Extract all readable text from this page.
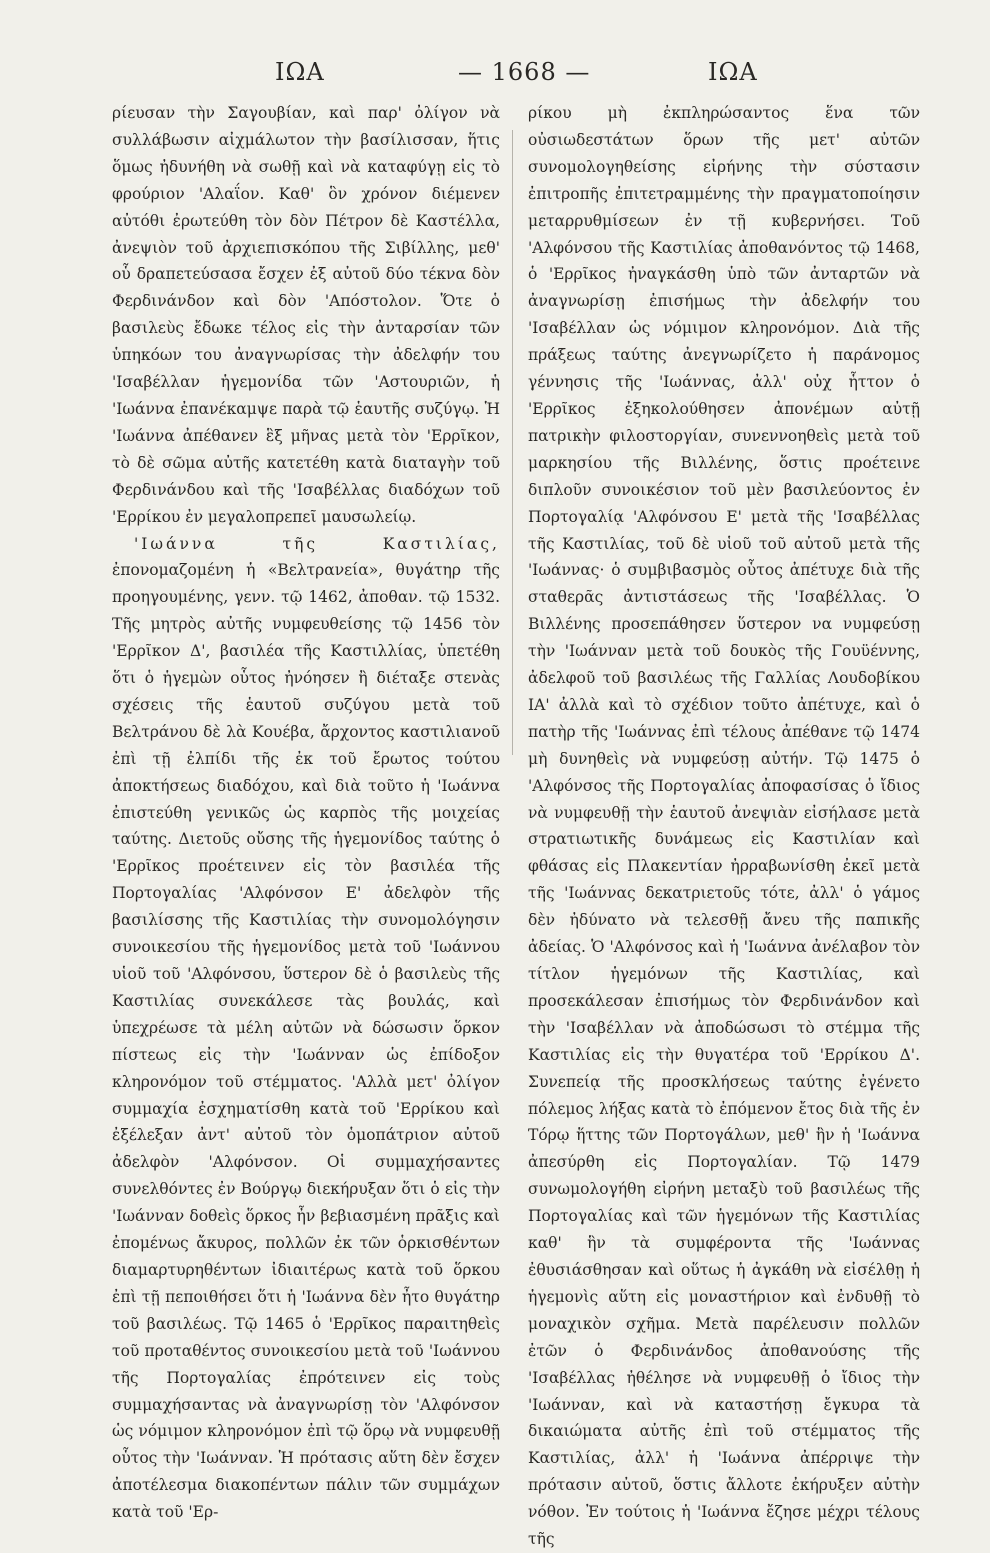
ΙΩΑ	— 1668 —	ΙΩΑ

ρίευσαν τὴν Σαγουβίαν, καὶ παρ' ὀλίγον νὰ συλλάβωσιν αἰχμάλωτον τὴν βασίλισσαν, ἥτις ὅμως ἠδυνήθη νὰ σωθῇ καὶ νὰ καταφύγῃ εἰς τὸ φρούριον 'Αλαΐον. Καθ' ὃν χρόνον διέμενεν αὐτόθι ἐρωτεύθη τὸν δὸν Πέτρον δὲ Καστέλλα, ἀνεψιὸν τοῦ ἀρχιεπισκόπου τῆς Σιβίλλης, μεθ' οὗ δραπετεύσασα ἔσχεν ἐξ αὐτοῦ δύο τέκνα δὸν Φερδινάνδον καὶ δὸν 'Απόστολον. Ὅτε ὁ βασιλεὺς ἔδωκε τέλος εἰς τὴν ἀνταρσίαν τῶν ὑπηκόων του ἀναγνωρίσας τὴν ἀδελφήν του 'Ισαβέλλαν ἡγεμονίδα τῶν 'Αστουριῶν, ἡ 'Ιωάννα ἐπανέκαμψε παρὰ τῷ ἑαυτῆς συζύγῳ. Ἡ 'Ιωάννα ἀπέθανεν ἓξ μῆνας μετὰ τὸν 'Ερρῖκον, τὸ δὲ σῶμα αὐτῆς κατετέθη κατὰ διαταγὴν τοῦ Φερδινάνδου καὶ τῆς 'Ισαβέλλας διαδόχων τοῦ 'Ερρίκου ἐν μεγαλοπρεπεῖ μαυσωλείῳ.

'Ιωάννα τῆς Καστιλίας, ἐπονομαζομένη ἡ «Βελτρανεία», θυγάτηρ τῆς προηγουμένης, γενν. τῷ 1462, ἀποθαν. τῷ 1532. Τῆς μητρὸς αὐτῆς νυμφευθείσης τῷ 1456 τὸν 'Ερρῖκον Δ', βασιλέα τῆς Καστιλλίας, ὑπετέθη ὅτι ὁ ἡγεμὼν οὗτος ἠνόησεν ἢ διέταξε στενὰς σχέσεις τῆς ἑαυτοῦ συζύγου μετὰ τοῦ Βελτράνου δὲ λὰ Κουέβα, ἄρχοντος καστιλιανοῦ ἐπὶ τῇ ἐλπίδι τῆς ἐκ τοῦ ἔρωτος τούτου ἀποκτήσεως διαδόχου, καὶ διὰ τοῦτο ἡ 'Ιωάννα ἐπιστεύθη γενικῶς ὡς καρπὸς τῆς μοιχείας ταύτης. Διετοῦς οὔσης τῆς ἡγεμονίδος ταύτης ὁ 'Ερρῖκος προέτεινεν εἰς τὸν βασιλέα τῆς Πορτογαλίας 'Αλφόνσον Ε' ἀδελφὸν τῆς βασιλίσσης τῆς Καστιλίας τὴν συνομολόγησιν συνοικεσίου τῆς ἡγεμονίδος μετὰ τοῦ 'Ιωάννου υἱοῦ τοῦ 'Αλφόνσου, ὕστερον δὲ ὁ βασιλεὺς τῆς Καστιλίας συνεκάλεσε τὰς βουλάς, καὶ ὑπεχρέωσε τὰ μέλη αὐτῶν νὰ δώσωσιν ὅρκον πίστεως εἰς τὴν 'Ιωάνναν ὡς ἐπίδοξον κληρονόμον τοῦ στέμματος. 'Αλλὰ μετ' ὀλίγον συμμαχία ἐσχηματίσθη κατὰ τοῦ 'Ερρίκου καὶ ἐξέλεξαν ἀντ' αὐτοῦ τὸν ὁμοπάτριον αὐτοῦ ἀδελφὸν 'Αλφόνσον. Οἱ συμμαχήσαντες συνελθόντες ἐν Βούργῳ διεκήρυξαν ὅτι ὁ εἰς τὴν 'Ιωάνναν δοθεὶς ὅρκος ἦν βεβιασμένη πρᾶξις καὶ ἐπομένως ἄκυρος, πολλῶν ἐκ τῶν ὁρκισθέντων διαμαρτυρηθέντων ἰδιαιτέρως κατὰ τοῦ ὅρκου ἐπὶ τῇ πεποιθήσει ὅτι ἡ 'Ιωάννα δὲν ἦτο θυγάτηρ τοῦ βασιλέως. Τῷ 1465 ὁ 'Ερρῖκος παραιτηθεὶς τοῦ προταθέντος συνοικεσίου μετὰ τοῦ 'Ιωάννου τῆς Πορτογαλίας ἐπρότεινεν εἰς τοὺς συμμαχήσαντας νὰ ἀναγνωρίσῃ τὸν 'Αλφόνσον ὡς νόμιμον κληρονόμον ἐπὶ τῷ ὅρῳ νὰ νυμφευθῇ οὗτος τὴν 'Ιωάνναν. Ἡ πρότασις αὕτη δὲν ἔσχεν ἀποτέλεσμα διακοπέντων πάλιν τῶν συμμάχων κατὰ τοῦ 'Ερ-

ρίκου μὴ ἐκπληρώσαντος ἕνα τῶν οὐσιωδεστάτων ὅρων τῆς μετ' αὐτῶν συνομολογηθείσης εἰρήνης τὴν σύστασιν ἐπιτροπῆς ἐπιτετραμμένης τὴν πραγματοποίησιν μεταρρυθμίσεων ἐν τῇ κυβερνήσει. Τοῦ 'Αλφόνσου τῆς Καστιλίας ἀποθανόντος τῷ 1468, ὁ 'Ερρῖκος ἠναγκάσθη ὑπὸ τῶν ἀνταρτῶν νὰ ἀναγνωρίσῃ ἐπισήμως τὴν ἀδελφήν του 'Ισαβέλλαν ὡς νόμιμον κληρονόμον. Διὰ τῆς πράξεως ταύτης ἀνεγνωρίζετο ἡ παράνομος γέννησις τῆς 'Ιωάννας, ἀλλ' οὐχ ἧττον ὁ 'Ερρῖκος ἐξηκολούθησεν ἀπονέμων αὐτῇ πατρικὴν φιλοστοργίαν, συνεννοηθεὶς μετὰ τοῦ μαρκησίου τῆς Βιλλένης, ὅστις προέτεινε διπλοῦν συνοικέσιον τοῦ μὲν βασιλεύοντος ἐν Πορτογαλίᾳ 'Αλφόνσου Ε' μετὰ τῆς 'Ισαβέλλας τῆς Καστιλίας, τοῦ δὲ υἱοῦ τοῦ αὐτοῦ μετὰ τῆς 'Ιωάννας· ὁ συμβιβασμὸς οὗτος ἀπέτυχε διὰ τῆς σταθερᾶς ἀντιστάσεως τῆς 'Ισαβέλλας. Ὁ Βιλλένης προσεπάθησεν ὕστερον να νυμφεύσῃ τὴν 'Ιωάνναν μετὰ τοῦ δουκὸς τῆς Γουϋέννης, ἀδελφοῦ τοῦ βασιλέως τῆς Γαλλίας Λουδοβίκου ΙΑ' ἀλλὰ καὶ τὸ σχέδιον τοῦτο ἀπέτυχε, καὶ ὁ πατὴρ τῆς 'Ιωάννας ἐπὶ τέλους ἀπέθανε τῷ 1474 μὴ δυνηθεὶς νὰ νυμφεύσῃ αὐτήν. Τῷ 1475 ὁ 'Αλφόνσος τῆς Πορτογαλίας ἀποφασίσας ὁ ἴδιος νὰ νυμφευθῇ τὴν ἑαυτοῦ ἀνεψιὰν εἰσήλασε μετὰ στρατιωτικῆς δυνάμεως εἰς Καστιλίαν καὶ φθάσας εἰς Πλακεντίαν ἠρραβωνίσθη ἐκεῖ μετὰ τῆς 'Ιωάννας δεκατριετοῦς τότε, ἀλλ' ὁ γάμος δὲν ἠδύνατο νὰ τελεσθῇ ἄνευ τῆς παπικῆς ἀδείας. Ὁ 'Αλφόνσος καὶ ἡ 'Ιωάννα ἀνέλαβον τὸν τίτλον ἡγεμόνων τῆς Καστιλίας, καὶ προσεκάλεσαν ἐπισήμως τὸν Φερδινάνδον καὶ τὴν 'Ισαβέλλαν νὰ ἀποδώσωσι τὸ στέμμα τῆς Καστιλίας εἰς τὴν θυγατέρα τοῦ 'Ερρίκου Δ'. Συνεπείᾳ τῆς προσκλήσεως ταύτης ἐγένετο πόλεμος λήξας κατὰ τὸ ἐπόμενον ἔτος διὰ τῆς ἐν Τόρῳ ἥττης τῶν Πορτογάλων, μεθ' ἣν ἡ 'Ιωάννα ἀπεσύρθη εἰς Πορτογαλίαν. Τῷ 1479 συνωμολογήθη εἰρήνη μεταξὺ τοῦ βασιλέως τῆς Πορτογαλίας καὶ τῶν ἡγεμόνων τῆς Καστιλίας καθ' ἣν τὰ συμφέροντα τῆς 'Ιωάννας ἐθυσιάσθησαν καὶ οὕτως ἡ ἀγκάθη νὰ εἰσέλθῃ ἡ ἡγεμονὶς αὕτη εἰς μοναστήριον καὶ ἐνδυθῇ τὸ μοναχικὸν σχῆμα. Μετὰ παρέλευσιν πολλῶν ἐτῶν ὁ Φερδινάνδος ἀποθανούσης τῆς 'Ισαβέλλας ἠθέλησε νὰ νυμφευθῇ ὁ ἴδιος τὴν 'Ιωάνναν, καὶ νὰ καταστήσῃ ἔγκυρα τὰ δικαιώματα αὐτῆς ἐπὶ τοῦ στέμματος τῆς Καστιλίας, ἀλλ' ἡ 'Ιωάννα ἀπέρριψε τὴν πρότασιν αὐτοῦ, ὅστις ἄλλοτε ἐκήρυξεν αὐτὴν νόθον. Ἐν τούτοις ἡ 'Ιωάννα ἔζησε μέχρι τέλους τῆς
